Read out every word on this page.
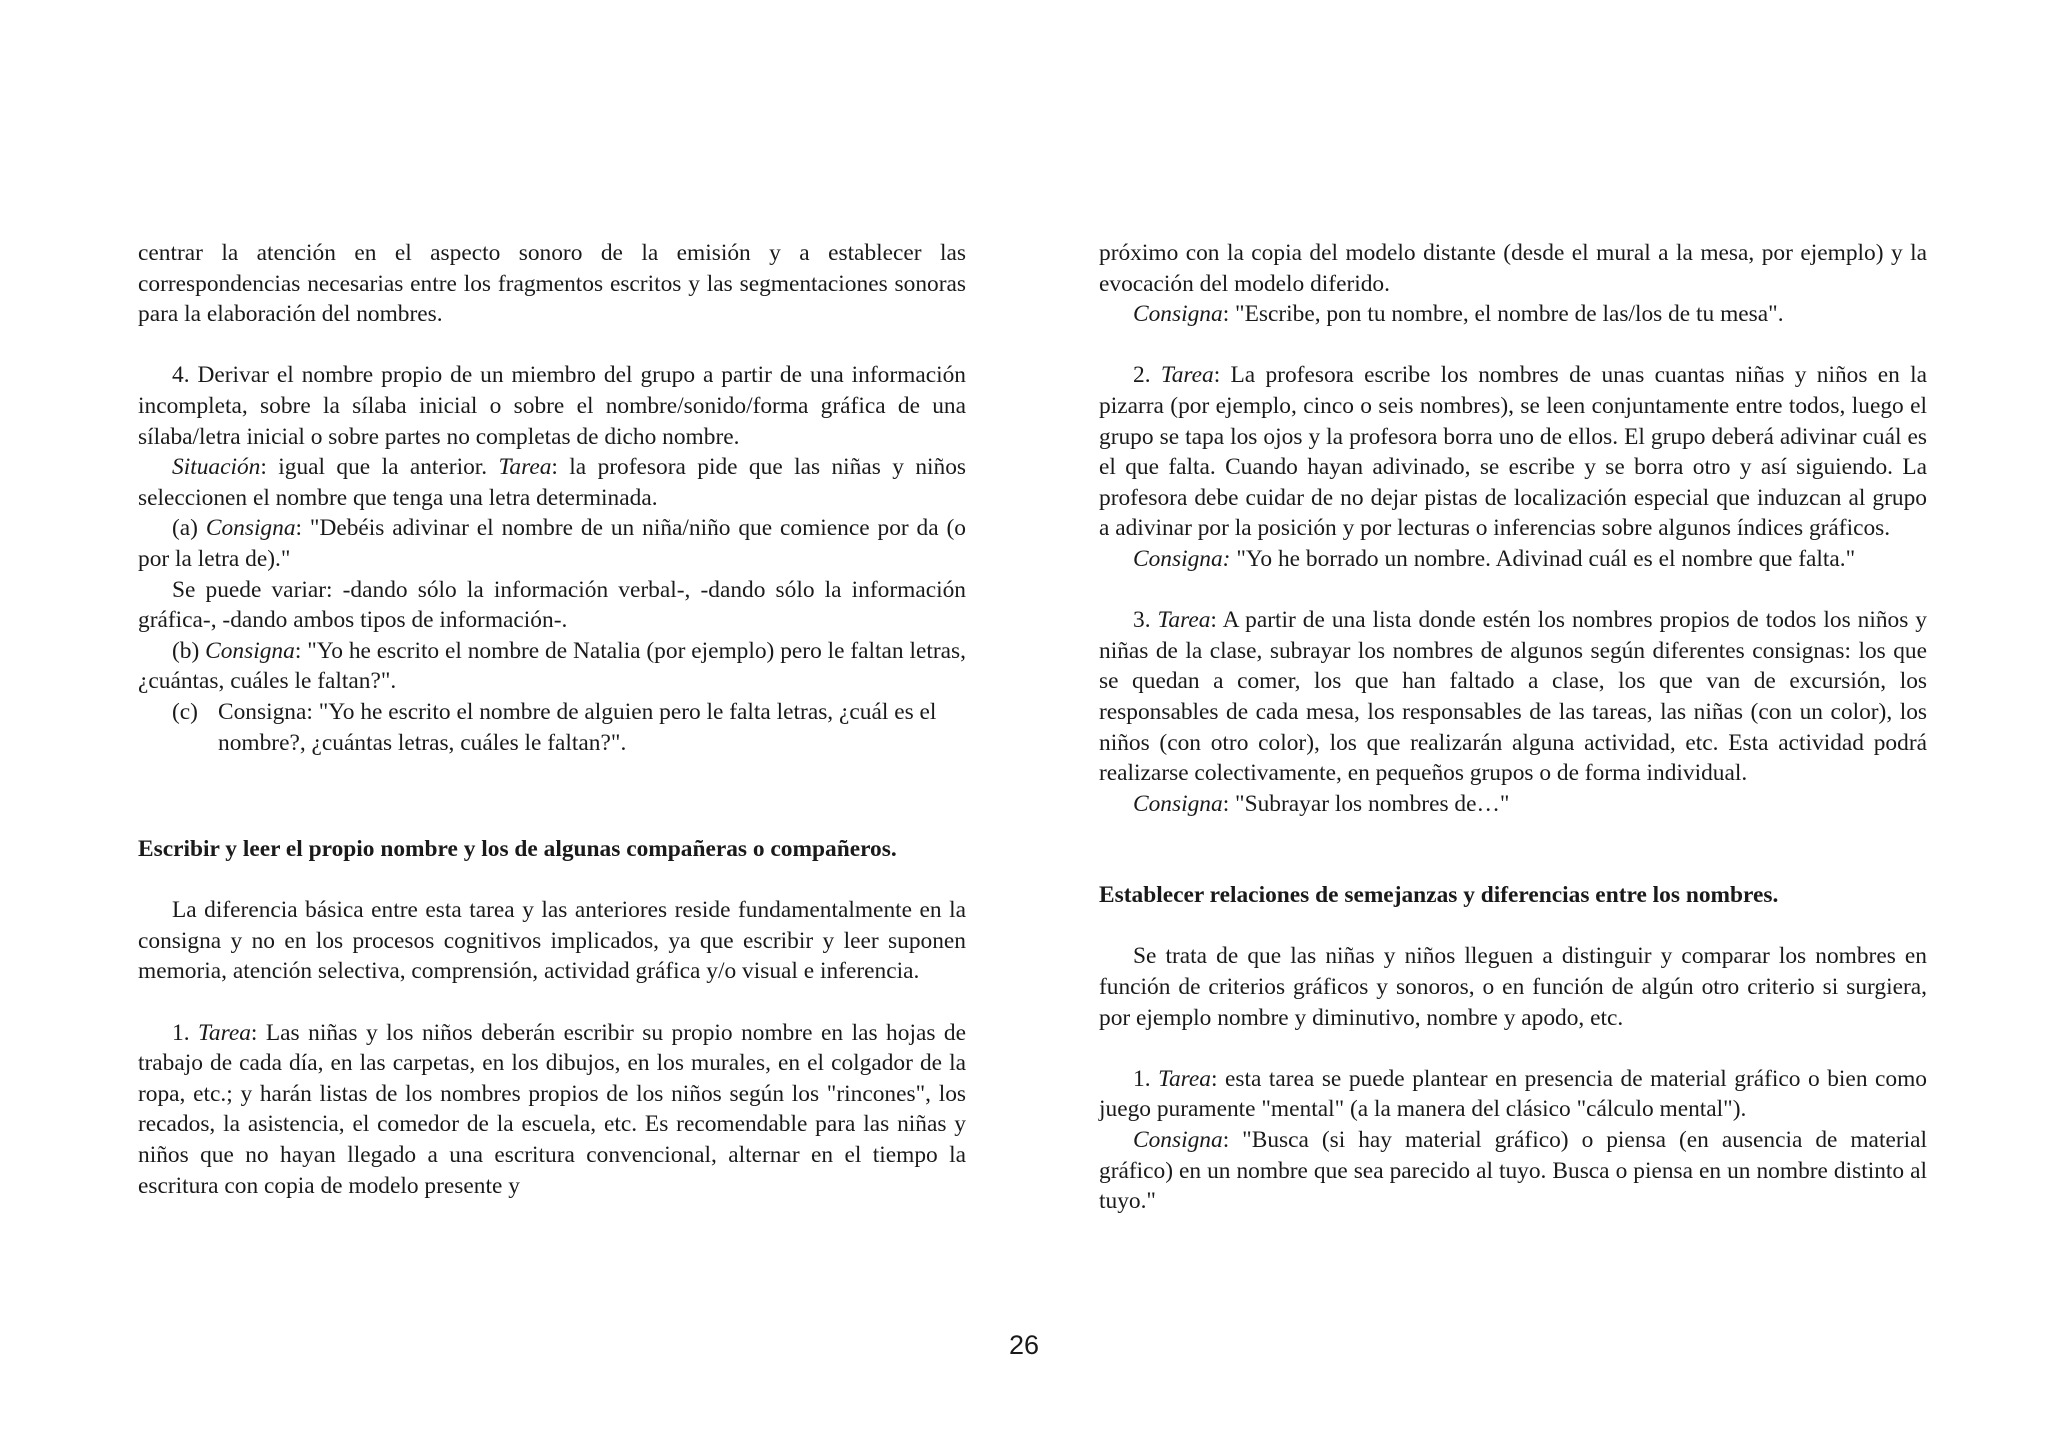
centrar la atención en el aspecto sonoro de la emisión y a establecer las correspondencias necesarias entre los fragmentos escritos y las segmentaciones sonoras para la elaboración del nombres.

4. Derivar el nombre propio de un miembro del grupo a partir de una información incompleta, sobre la sílaba inicial o sobre el nombre/sonido/forma gráfica de una sílaba/letra inicial o sobre partes no completas de dicho nombre.

Situación: igual que la anterior. Tarea: la profesora pide que las niñas y niños seleccionen el nombre que tenga una letra determinada.

(a) Consigna: "Debéis adivinar el nombre de un niña/niño que comience por da (o por la letra de)."

Se puede variar: -dando sólo la información verbal-, -dando sólo la información gráfica-, -dando ambos tipos de información-.

(b) Consigna: "Yo he escrito el nombre de Natalia (por ejemplo) pero le faltan letras, ¿cuántas, cuáles le faltan?".

(c) Consigna: "Yo he escrito el nombre de alguien pero le falta letras, ¿cuál es el nombre?, ¿cuántas letras, cuáles le faltan?".
Escribir y leer el propio nombre y los de algunas compañeras o compañeros.

La diferencia básica entre esta tarea y las anteriores reside fundamentalmente en la consigna y no en los procesos cognitivos implicados, ya que escribir y leer suponen memoria, atención selectiva, comprensión, actividad gráfica y/o visual e inferencia.

1. Tarea: Las niñas y los niños deberán escribir su propio nombre en las hojas de trabajo de cada día, en las carpetas, en los dibujos, en los murales, en el colgador de la ropa, etc.; y harán listas de los nombres propios de los niños según los "rincones", los recados, la asistencia, el comedor de la escuela, etc. Es recomendable para las niñas y niños que no hayan llegado a una escritura convencional, alternar en el tiempo la escritura con copia de modelo presente y

próximo con la copia del modelo distante (desde el mural a la mesa, por ejemplo) y la evocación del modelo diferido.

Consigna: "Escribe, pon tu nombre, el nombre de las/los de tu mesa".

2. Tarea: La profesora escribe los nombres de unas cuantas niñas y niños en la pizarra (por ejemplo, cinco o seis nombres), se leen conjuntamente entre todos, luego el grupo se tapa los ojos y la profesora borra uno de ellos. El grupo deberá adivinar cuál es el que falta. Cuando hayan adivinado, se escribe y se borra otro y así siguiendo. La profesora debe cuidar de no dejar pistas de localización especial que induzcan al grupo a adivinar por la posición y por lecturas o inferencias sobre algunos índices gráficos.

Consigna: "Yo he borrado un nombre. Adivinad cuál es el nombre que falta."

3. Tarea: A partir de una lista donde estén los nombres propios de todos los niños y niñas de la clase, subrayar los nombres de algunos según diferentes consignas: los que se quedan a comer, los que han faltado a clase, los que van de excursión, los responsables de cada mesa, los responsables de las tareas, las niñas (con un color), los niños (con otro color), los que realizarán alguna actividad, etc. Esta actividad podrá realizarse colectivamente, en pequeños grupos o de forma individual.

Consigna: "Subrayar los nombres de…"

Establecer relaciones de semejanzas y diferencias entre los nombres.

Se trata de que las niñas y niños lleguen a distinguir y comparar los nombres en función de criterios gráficos y sonoros, o en función de algún otro criterio si surgiera, por ejemplo nombre y diminutivo, nombre y apodo, etc.

1. Tarea: esta tarea se puede plantear en presencia de material gráfico o bien como juego puramente "mental" (a la manera del clásico "cálculo mental").

Consigna: "Busca (si hay material gráfico) o piensa (en ausencia de material gráfico) en un nombre que sea parecido al tuyo. Busca o piensa en un nombre distinto al tuyo."

26
